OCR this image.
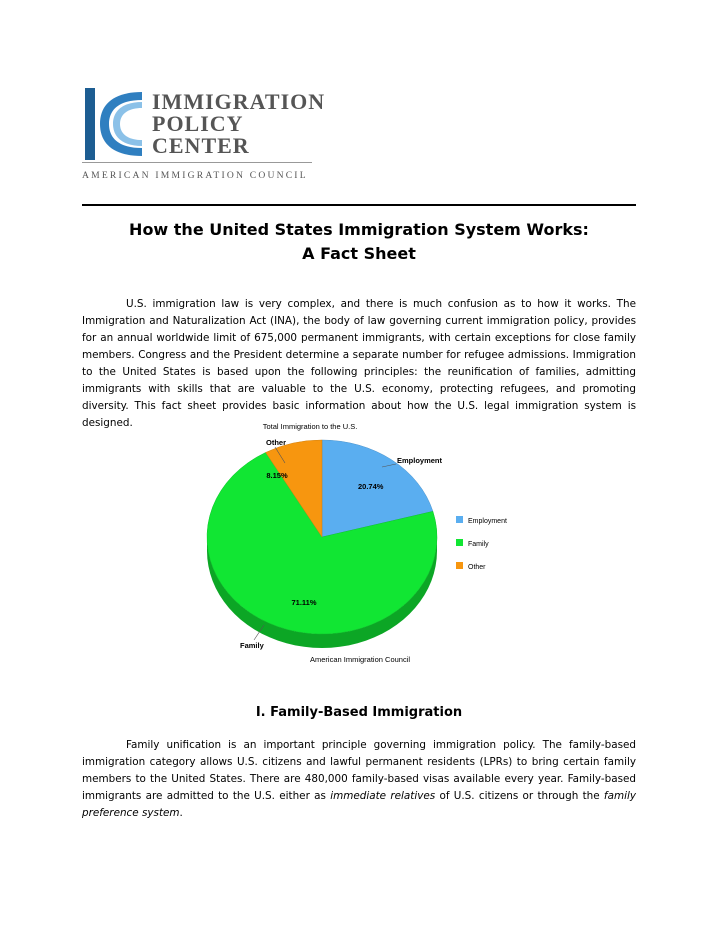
IMMIGRATION
POLICY
CENTER
AMERICAN IMMIGRATION COUNCIL
How the United States Immigration System Works:
A Fact Sheet

U.S. immigration law is very complex, and there is much confusion as to how it works. The Immigration and Naturalization Act (INA), the body of law governing current immigration policy, provides for an annual worldwide limit of 675,000 permanent immigrants, with certain exceptions for close family members. Congress and the President determine a separate number for refugee admissions. Immigration to the United States is based upon the following principles: the reunification of families, admitting immigrants with skills that are valuable to the U.S. economy, protecting refugees, and promoting diversity. This fact sheet provides basic information about how the U.S. legal immigration system is designed.	Total Immigration to the U.S.
Other
Employment
Family
8.15%
20.74%
71.11%
American Immigration Council
Employment
Family
Other
I. Family-Based Immigration

Family unification is an important principle governing immigration policy. The family-based immigration category allows U.S. citizens and lawful permanent residents (LPRs) to bring certain family members to the United States. There are 480,000 family-based visas available every year. Family-based immigrants are admitted to the U.S. either as immediate relatives of U.S. citizens or through the family preference system.
